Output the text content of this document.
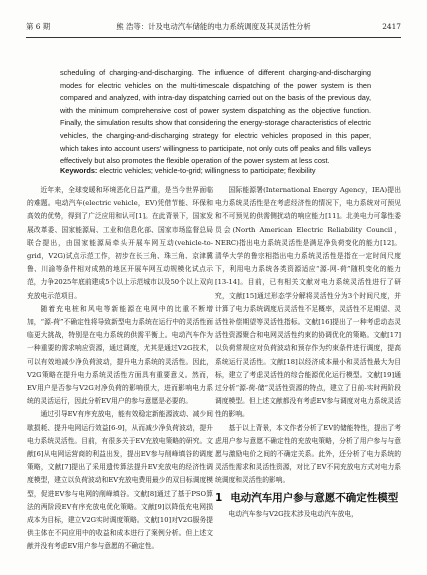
第 6 期	熊 浩等：计及电动汽车储能的电力系统调度及其灵活性分析	2417
scheduling of charging-and-discharging. The influence of different charging-and-discharging modes for electric vehicles on the multi-timescale dispatching of the power system is then compared and analyzed, with intra-day dispatching carried out on the basis of the previous day, with the minimum comprehensive cost of power system dispatching as the objective function. Finally, the simulation results show that considering the energy-storage characteristics of electric vehicles, the charging-and-discharging strategy for electric vehicles proposed in this paper, which takes into account users' willingness to participate, not only cuts off peaks and fills valleys effectively but also promotes the flexible operation of the power system at less cost.
Keywords: electric vehicles; vehicle-to-grid; willingness to participate; flexibility

近年来，全球变暖和环境恶化日益严重，是当今世界面临的难题。电动汽车(electric vehicle，EV)凭借节能、环保和高效的优势，得到了广泛应用和认可[1]。在此背景下，国家发展改革委、国家能源局、工业和信息化部、国家市场监督总局联合提出，由国家能源局牵头开展车网互动(vehicle-to-grid，V2G)试点示范工作，初步在长三角、珠三角、京津冀鲁、川渝等条件相对成熟的地区开展车网互动规模化试点示范，力争2025年底前建成5个以上示范城市以及50个以上双向充放电示范项目。

随着充电桩和风电等新能源在电网中的比重不断增加，“源-荷”不确定性将导致新型电力系统在运行中的灵活性面临更大挑战，特别是在电力系统的供需平衡上。电动汽车作为一种重要的需求响应资源，通过调度，尤其是通过V2G技术，可以有效地减少净负荷波动，提升电力系统的灵活性。因此，V2G策略在提升电力系统灵活性方面具有重要意义。然而，EV用户是否参与V2G对净负荷的影响很大，进而影响电力系统的灵活运行，因此分析EV用户的参与意愿是必要的。

通过引导EV有序充放电，能有效稳定新能源波动、减少间歇损耗、提升电网运行效益[6-9]，从而减少净负荷波动，提升电力系统灵活性。目前，有很多关于EV充放电策略的研究。文献[6]从电网运营商的利益出发，提出EV参与削峰填谷的调度策略，文献[7]提出了采用遗传算法提升EV充放电的经济性调度模型，建立以负荷波动和EV充放电费用最少的双目标调度模型，促进EV参与电网的削峰填谷。文献[8]通过了基于PSO算法的两阶段EV有序充放电优化策略。文献[9]以降低充电网损成本为目标，建立V2G实时调度策略。文献[10]对V2G服务提供主体在不同应用中的收益和成本进行了案例分析。但上述文献并没有考虑EV用户参与意愿的不确定性。

国际能源署(International Energy Agency，IEA)提出电力系统灵活性是在考虑经济性的情况下，电力系统对可预见和不可预见的供需侧扰动的响应能力[11]。北美电力可靠性委员会(North American Electric Reliability Council，NERC)指出电力系统灵活性是满足净负荷变化的能力[12]。清华大学的鲁宗相指出电力系统灵活性是指在一定时间尺度下，利用电力系统各类资源适应“源-网-荷”随机变化的能力[13-14]。目前，已有相关文献对电力系统灵活性进行了研究，文献[15]通过形态学分解将灵活性分为3个时间尺度，并计算了电力系统调度后灵活性不足概率，灵活性不足期望、灵活性补偿期望等灵活性指标。文献[16]提出了一种考虑动态灵活性资源聚合和电网灵活性约束的协调优化的策略。文献[17]以负荷常规应对负荷波动和预存作为约束条件进行调度，提高系统运行灵活性。文献[18]以经济成本最小和灵活性最大为目标，建立了考虑灵活性的综合能源优化运行模型。文献[19]通过分析“源-荷-储”灵活性资源的特点，建立了日前-实时两阶段调度模型。但上述文献都没有考虑EV参与调度对电力系统灵活性的影响。

基于以上背景，本文作者分析了EV的储能特性，提出了考虑用户参与意愿不确定性的充放电策略，分析了用户参与与意愿与激励电价之间的不确定关系。此外，还分析了电力系统的灵活性需求和灵活性资源，对比了EV不同充放电方式对电力系统调度和灵活性的影响。

1 电动汽车用户参与意愿不确定性模型

电动汽车参与V2G技术涉及电动汽车放电，
